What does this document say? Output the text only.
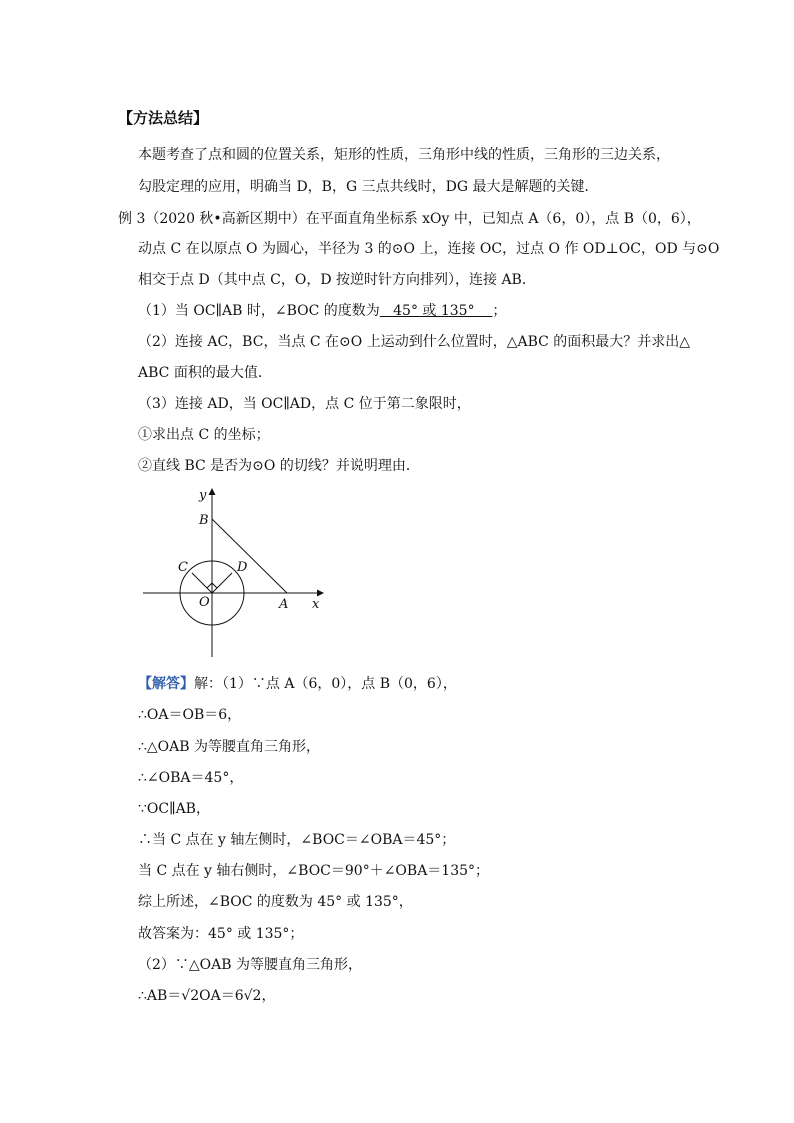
【方法总结】
本题考查了点和圆的位置关系，矩形的性质，三角形中线的性质，三角形的三边关系，
勾股定理的应用，明确当 D，B，G 三点共线时，DG 最大是解题的关键．
例 3（2020 秋•高新区期中）在平面直角坐标系 xOy 中，已知点 A（6，0），点 B（0，6），
动点 C 在以原点 O 为圆心，半径为 3 的⊙O 上，连接 OC，过点 O 作 OD⊥OC，OD 与⊙O
相交于点 D（其中点 C，O，D 按逆时针方向排列），连接 AB．
（1）当 OC∥AB 时，∠BOC 的度数为   45° 或 135°    ；
（2）连接 AC，BC，当点 C 在⊙O 上运动到什么位置时，△ABC 的面积最大？并求出△
ABC 面积的最大值．
（3）连接 AD，当 OC∥AD，点 C 位于第二象限时，
①求出点 C 的坐标；
②直线 BC 是否为⊙O 的切线？并说明理由．
y
B
C	D
O	A x
【解答】解：（1）∵点 A（6，0），点 B（0，6），
∴OA＝OB＝6，
∴△OAB 为等腰直角三角形，
∴∠OBA＝45°，
∵OC∥AB，
∴当 C 点在 y 轴左侧时，∠BOC＝∠OBA＝45°；
当 C 点在 y 轴右侧时，∠BOC＝90°＋∠OBA＝135°；
综上所述，∠BOC 的度数为 45° 或 135°，
故答案为：45° 或 135°；
（2）∵△OAB 为等腰直角三角形，
∴AB＝√2OA＝6√2，
